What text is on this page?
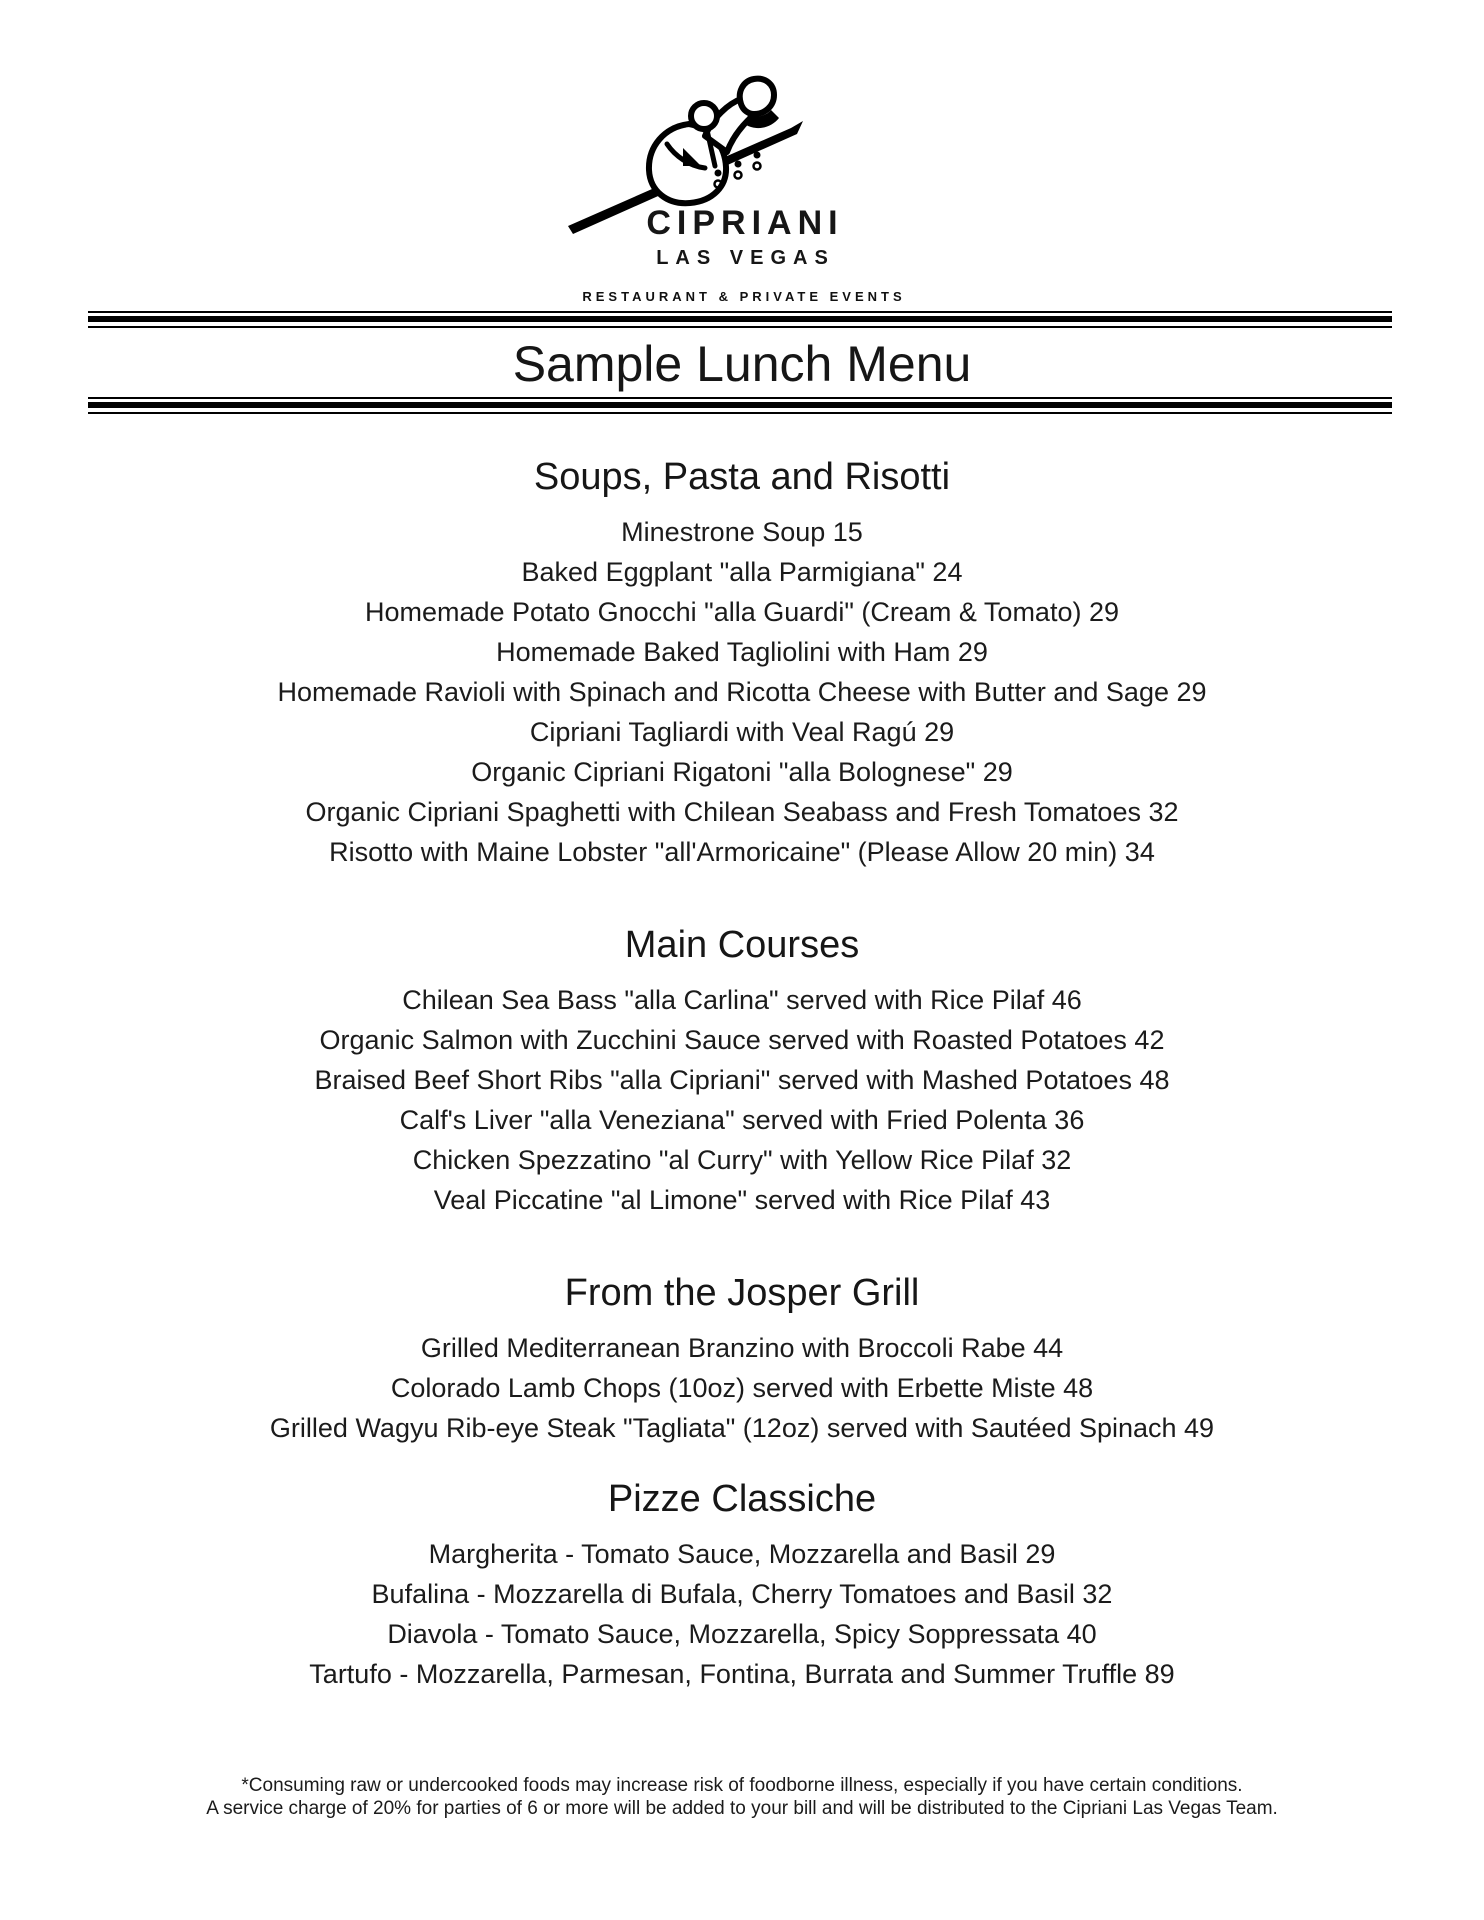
CIPRIANI
LAS VEGAS
RESTAURANT & PRIVATE EVENTS
Sample Lunch Menu
Soups, Pasta and Risotti
Minestrone Soup 15
Baked Eggplant "alla Parmigiana" 24
Homemade Potato Gnocchi "alla Guardi" (Cream & Tomato) 29
Homemade Baked Tagliolini with Ham 29
Homemade Ravioli with Spinach and Ricotta Cheese with Butter and Sage 29
Cipriani Tagliardi with Veal Ragú 29
Organic Cipriani Rigatoni "alla Bolognese" 29
Organic Cipriani Spaghetti with Chilean Seabass and Fresh Tomatoes 32
Risotto with Maine Lobster "all'Armoricaine" (Please Allow 20 min) 34
Main Courses
Chilean Sea Bass "alla Carlina" served with Rice Pilaf 46
Organic Salmon with Zucchini Sauce served with Roasted Potatoes 42
Braised Beef Short Ribs "alla Cipriani" served with Mashed Potatoes 48
Calf's Liver "alla Veneziana" served with Fried Polenta 36
Chicken Spezzatino "al Curry" with Yellow Rice Pilaf 32
Veal Piccatine "al Limone" served with Rice Pilaf 43
From the Josper Grill
Grilled Mediterranean Branzino with Broccoli Rabe 44
Colorado Lamb Chops (10oz) served with Erbette Miste 48
Grilled Wagyu Rib-eye Steak "Tagliata" (12oz) served with Sautéed Spinach 49
Pizze Classiche
Margherita - Tomato Sauce, Mozzarella and Basil 29
Bufalina - Mozzarella di Bufala, Cherry Tomatoes and Basil 32
Diavola - Tomato Sauce, Mozzarella, Spicy Soppressata 40
Tartufo - Mozzarella, Parmesan, Fontina, Burrata and Summer Truffle 89
*Consuming raw or undercooked foods may increase risk of foodborne illness, especially if you have certain conditions.
A service charge of 20% for parties of 6 or more will be added to your bill and will be distributed to the Cipriani Las Vegas Team.
